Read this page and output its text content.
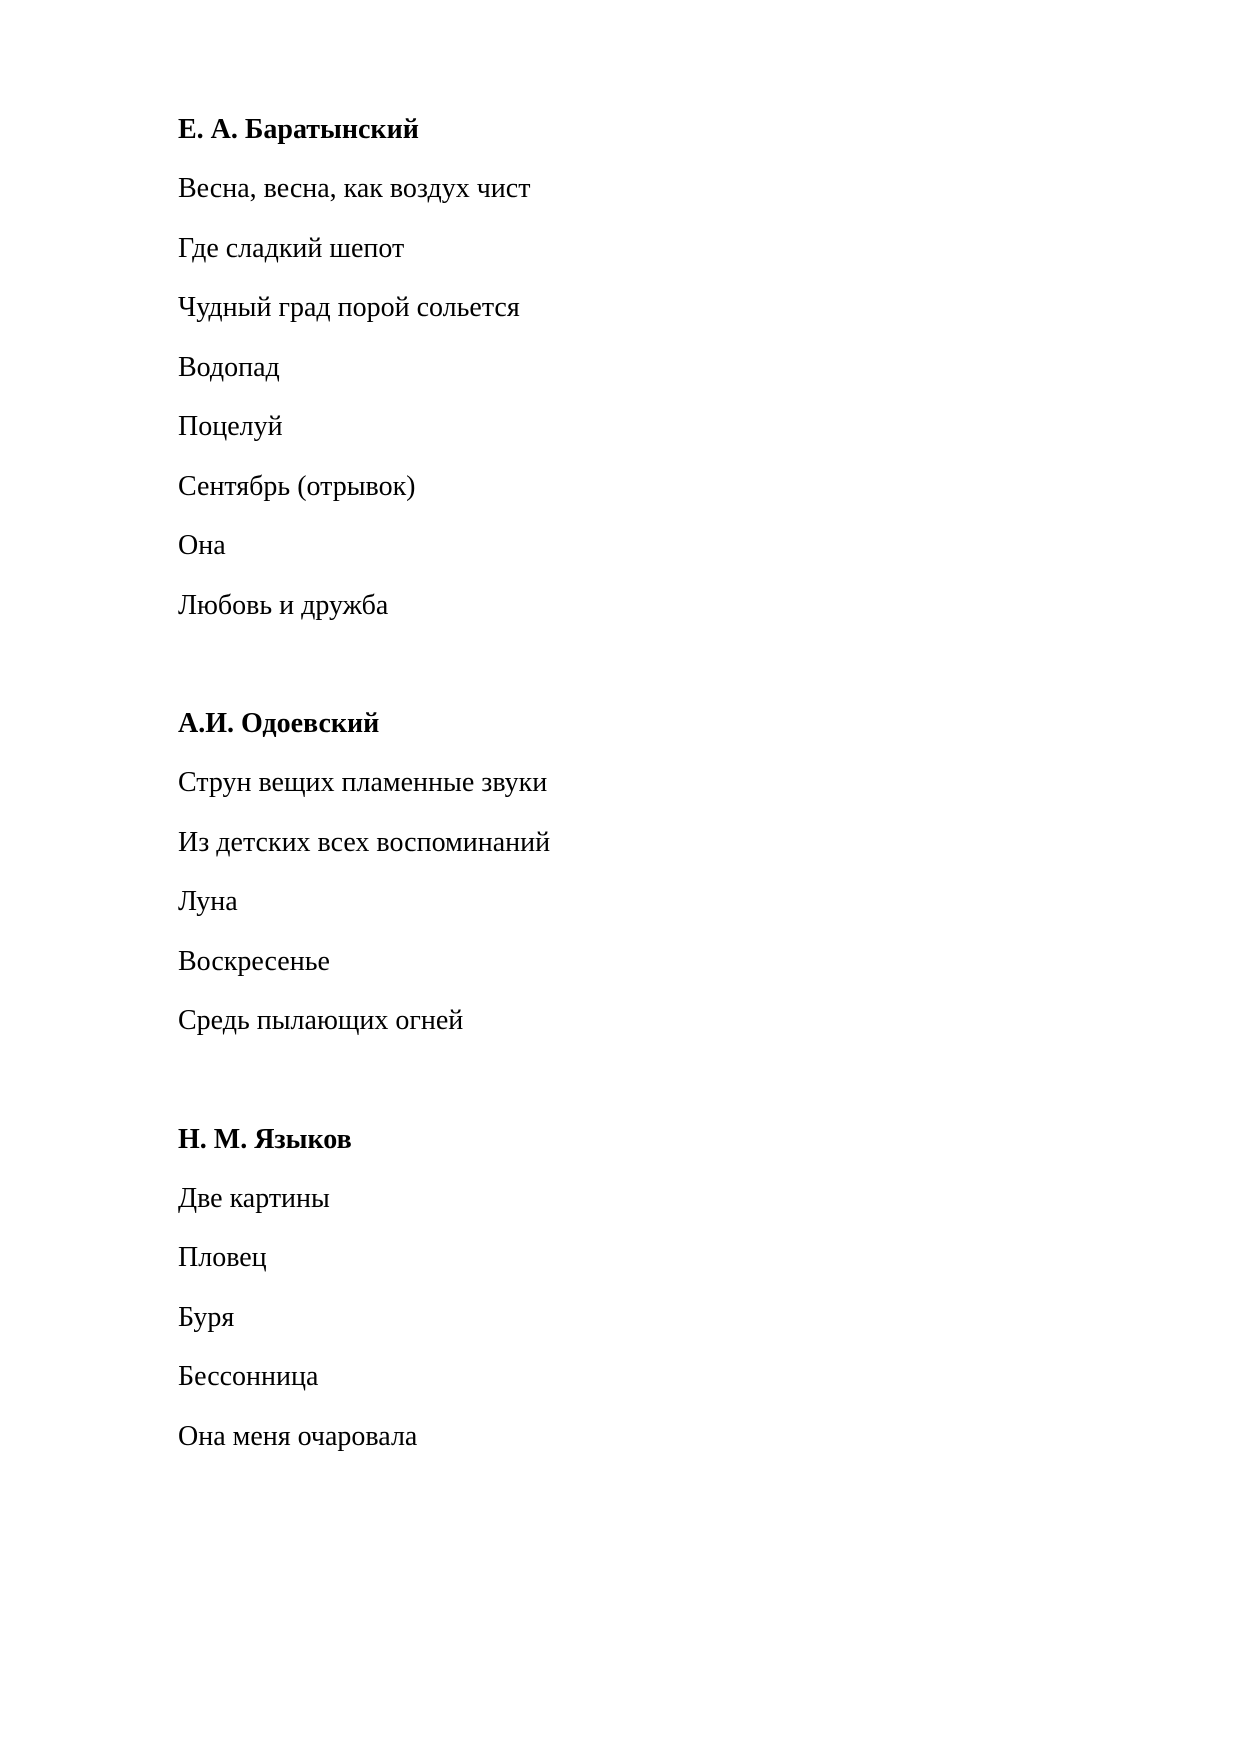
Е. А. Баратынский

Весна, весна, как воздух чист

Где сладкий шепот

Чудный град порой сольется

Водопад

Поцелуй

Сентябрь (отрывок)

Она

Любовь и дружба

А.И. Одоевский

Струн вещих пламенные звуки

Из детских всех воспоминаний

Луна

Воскресенье

Средь пылающих огней

Н. М. Языков

Две картины

Пловец

Буря

Бессонница

Она меня очаровала
